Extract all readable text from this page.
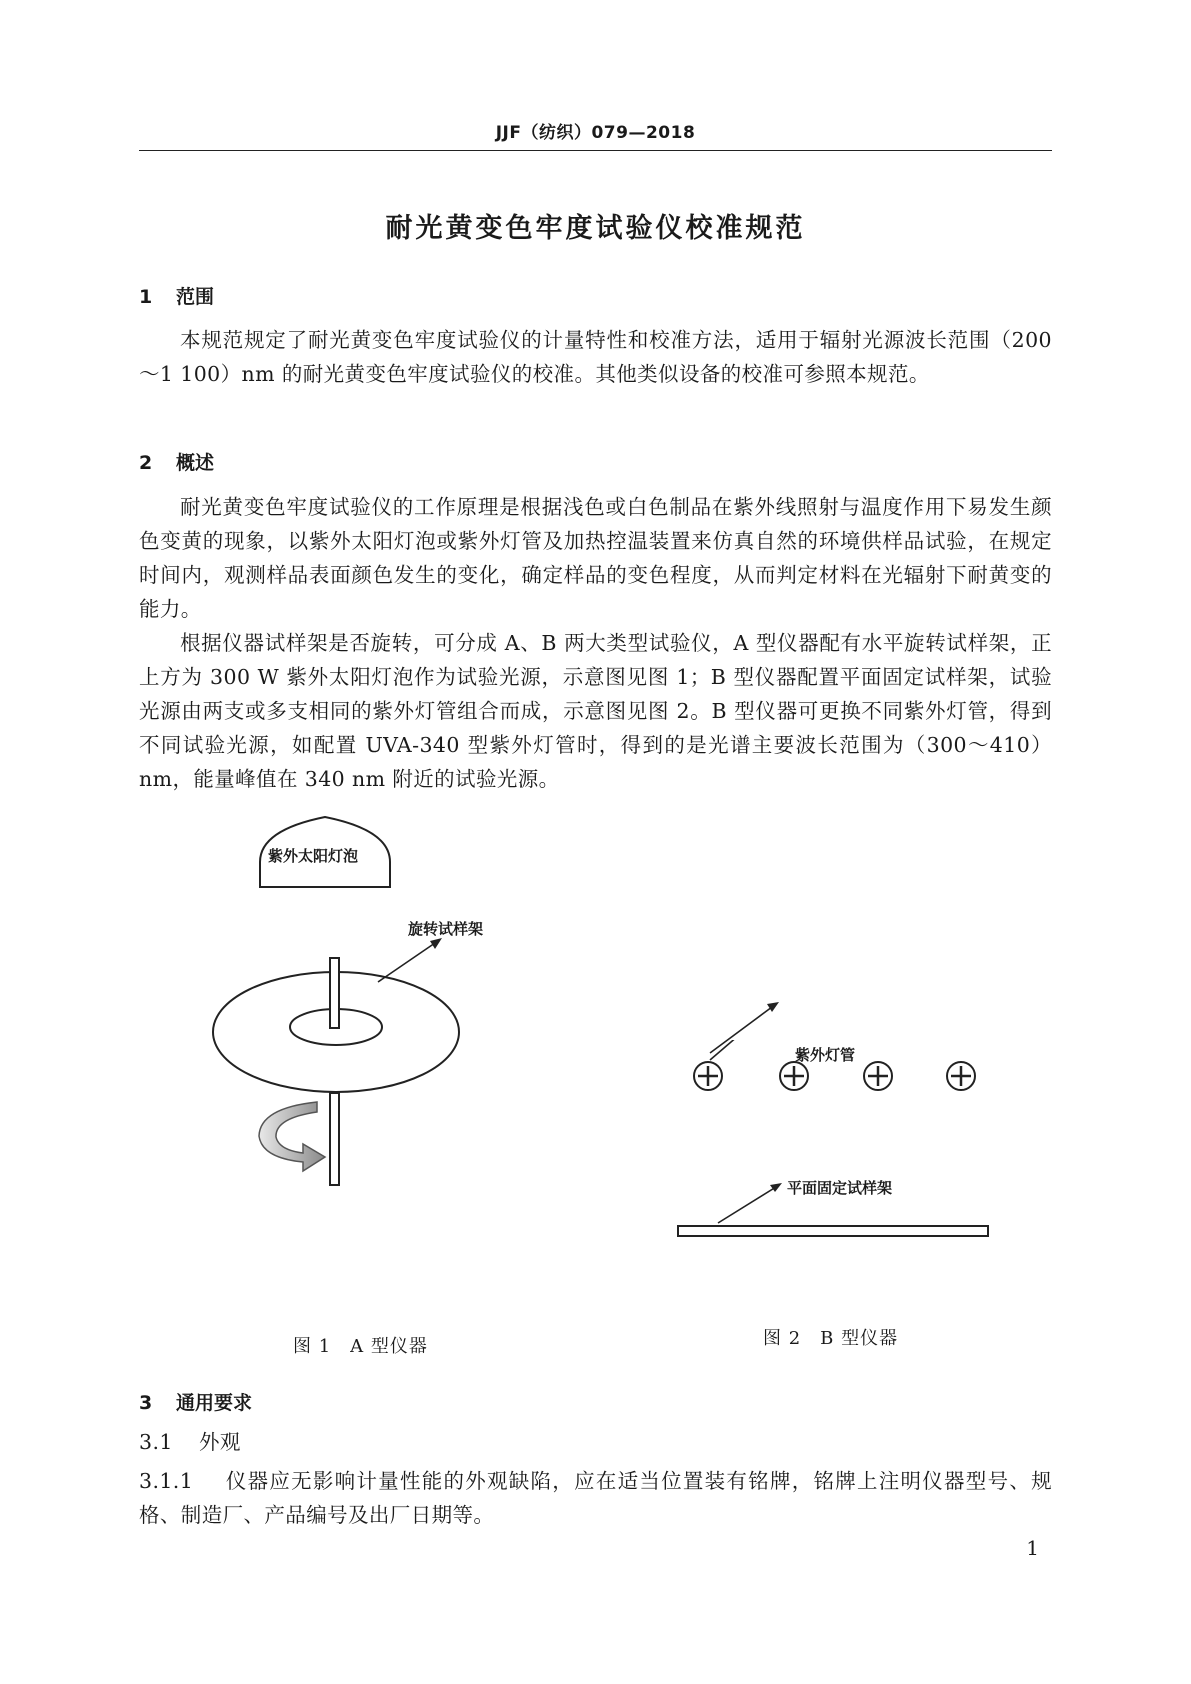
JJF（纺织）079—2018
耐光黄变色牢度试验仪校准规范
1 范围
本规范规定了耐光黄变色牢度试验仪的计量特性和校准方法，适用于辐射光源波长范围（200～1 100）nm 的耐光黄变色牢度试验仪的校准。其他类似设备的校准可参照本规范。
2 概述
耐光黄变色牢度试验仪的工作原理是根据浅色或白色制品在紫外线照射与温度作用下易发生颜色变黄的现象，以紫外太阳灯泡或紫外灯管及加热控温装置来仿真自然的环境供样品试验，在规定时间内，观测样品表面颜色发生的变化，确定样品的变色程度，从而判定材料在光辐射下耐黄变的能力。
根据仪器试样架是否旋转，可分成 A、B 两大类型试验仪，A 型仪器配有水平旋转试样架，正上方为 300 W 紫外太阳灯泡作为试验光源，示意图见图 1；B 型仪器配置平面固定试样架，试验光源由两支或多支相同的紫外灯管组合而成，示意图见图 2。B 型仪器可更换不同紫外灯管，得到不同试验光源，如配置 UVA-340 型紫外灯管时，得到的是光谱主要波长范围为（300～410）nm，能量峰值在 340 nm 附近的试验光源。
紫外太阳灯泡
旋转试样架
图 1　A 型仪器
紫外灯管
平面固定试样架
图 2　B 型仪器
3 通用要求
3.1 外观
3.1.1 仪器应无影响计量性能的外观缺陷，应在适当位置装有铭牌，铭牌上注明仪器型号、规格、制造厂、产品编号及出厂日期等。
1
